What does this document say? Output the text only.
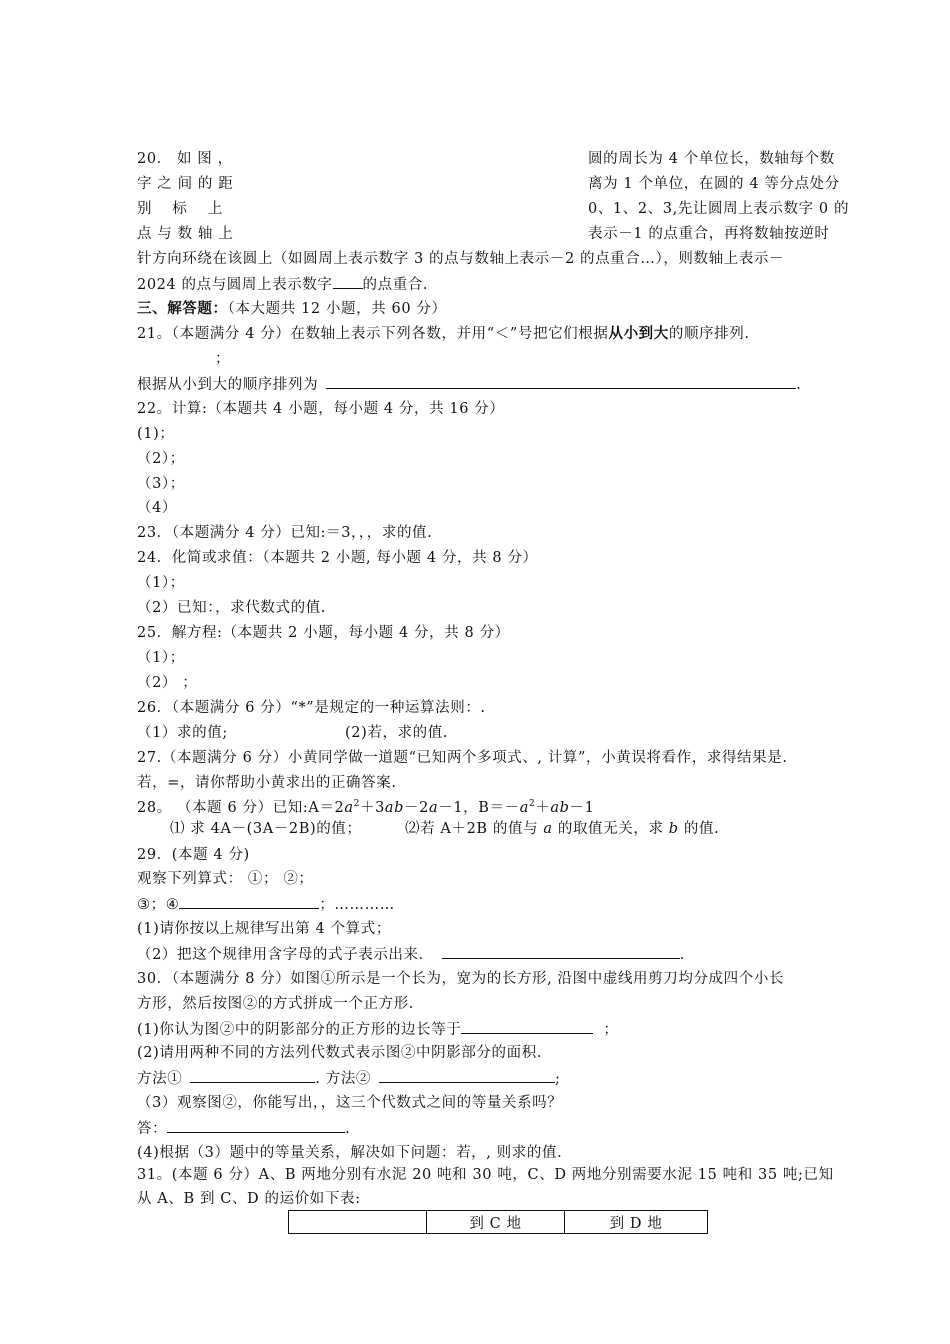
20． 如 图 ，
字 之 间 的 距
别　 标　 上
点 与 数 轴 上
圆的周长为 4 个单位长，数轴每个数
离为 1 个单位，在圆的 4 等分点处分
0、1、2、3,先让圆周上表示数字 0 的
表示－1 的点重合，再将数轴按逆时
针方向环绕在该圆上（如圆周上表示数字 3 的点与数轴上表示－2 的点重合…），则数轴上表示－
2024 的点与圆周上表示数字 的点重合.
三、解答题：（本大题共 12 小题，共 60 分）
21。（本题满分 4 分）在数轴上表示下列各数，并用“＜”号把它们根据从小到大的顺序排列.
；
根据从小到大的顺序排列为	.
22。计算:（本题共 4 小题，每小题 4 分，共 16 分）
(1)；
（2）；
（3）；
（4）
23．（本题满分 4 分）已知:＝3，，，求的值.
24．化简或求值：（本题共 2 小题, 每小题 4 分，共 8 分）
（1）；
（2）已知：，求代数式的值.
25．解方程:（本题共 2 小题，每小题 4 分，共 8 分）
（1）；
（2） ；
26．（本题满分 6 分）“*”是规定的一种运算法则：.
（1）求的值;	(2)若，求的值.
27.（本题满分 6 分）小黄同学做一道题“已知两个多项式、, 计算”，小黄误将看作，求得结果是.
若，=，请你帮助小黄求出的正确答案.
28。 （本题 6 分）已知$:A=2a^2+3ab-2a-1$，$B=-a^2+ab-1$
⑴ 求 4A－(3A－2B)的值；	⑵若 A＋2B 的值与 a 的取值无关，求 b 的值.
29．(本题 4 分)
观察下列算式： ①； ②；
③；④	；…………
(1)请你按以上规律写出第 4 个算式；
（2）把这个规律用含字母的式子表示出来．	.
30．（本题满分 8 分）如图①所示是一个长为，宽为的长方形, 沿图中虚线用剪刀均分成四个小长
方形，然后按图②的方式拼成一个正方形.
(1)你认为图②中的阴影部分的正方形的边长等于	；
(2)请用两种不同的方法列代数式表示图②中阴影部分的面积.
方法①	. 方法②	;
（3）观察图②，你能写出，，这三个代数式之间的等量关系吗？
答：	.
(4)根据（3）题中的等量关系，解决如下问题：若，, 则求的值.
31。(本题 6 分）A、B 两地分别有水泥 20 吨和 30 吨，C、D 两地分别需要水泥 15 吨和 35 吨;已知
从 A、B 到 C、D 的运价如下表:
	到 C 地	到 D 地
